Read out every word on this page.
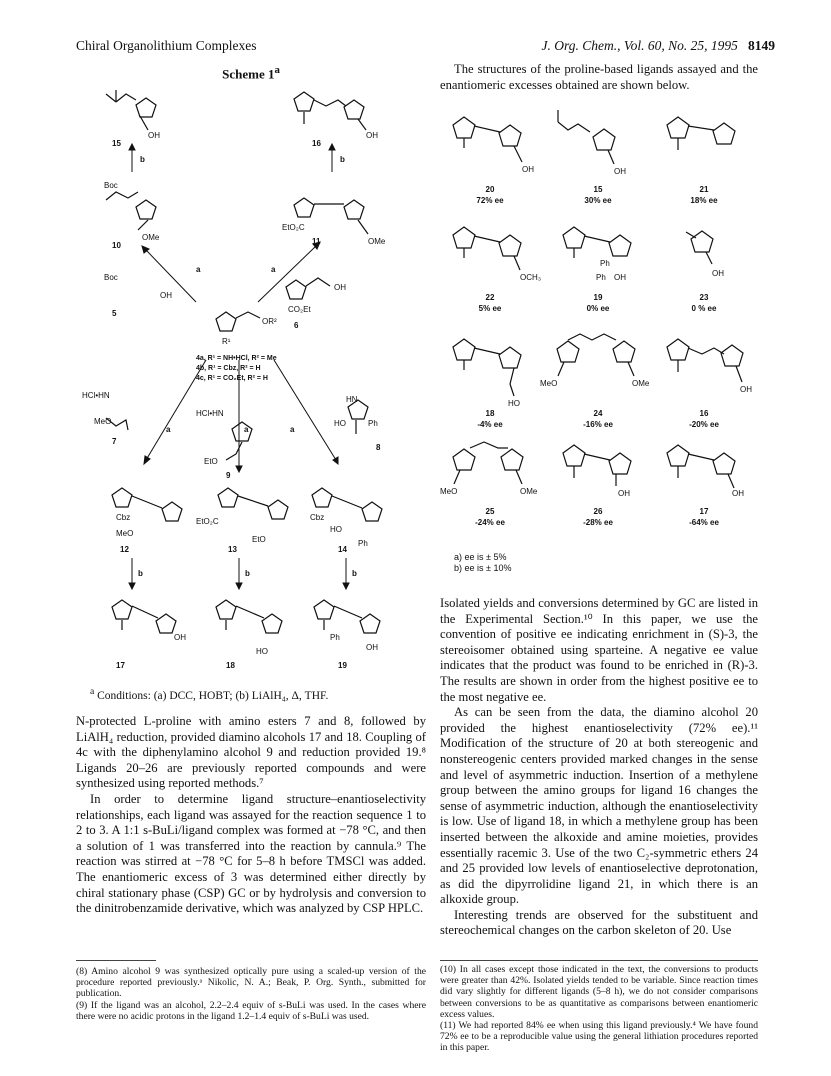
Chiral Organolithium Complexes	J. Org. Chem., Vol. 60, No. 25, 1995 8149
Scheme 1$^a$
b	b
a	a
a	a	a
b	b	b
15	16
10	11
5
6
7
8
9
12	13	14
17	18	19
OH	OH
Boc
OMe
EtO₂C
OMe
Boc
OH
CO₂Et
OH
OR²
R¹
HCl•HN
MeO
HCl•HN
EtO
HN
HO	Ph
Cbz
MeO
EtO₂C
EtO
Cbz
HO
Ph
OH
HO
Ph
OH
4a, R¹ = NH•HCl, R² = Me
4b, R¹ = Cbz, R² = H
4c, R¹ = CO₂Et, R² = H
$^a$ Conditions: (a) DCC, HOBT; (b) LiAlH₄, Δ, THF.

N-protected L-proline with amino esters 7 and 8, followed by LiAlH₄ reduction, provided diamino alcohols 17 and 18. Coupling of 4c with the diphenylamino alcohol 9 and reduction provided 19.⁸ Ligands 20–26 are previously reported compounds and were synthesized using reported methods.⁷

In order to determine ligand structure–enantioselectivity relationships, each ligand was assayed for the reaction sequence 1 to 2 to 3. A 1:1 s-BuLi/ligand complex was formed at −78 °C, and then a solution of 1 was transferred into the reaction by cannula.⁹ The reaction was stirred at −78 °C for 5–8 h before TMSCl was added. The enantiomeric excess of 3 was determined either directly by chiral stationary phase (CSP) GC or by hydrolysis and conversion to the dinitrobenzamide derivative, which was analyzed by CSP HPLC.

(8) Amino alcohol 9 was synthesized optically pure using a scaled-up version of the procedure reported previously.ᵃ Nikolic, N. A.; Beak, P. Org. Synth., submitted for publication.
(9) If the ligand was an alcohol, 2.2–2.4 equiv of s-BuLi was used. In the cases where there were no acidic protons in the ligand 1.2–1.4 equiv of s-BuLi was used.

The structures of the proline-based ligands assayed and the enantiomeric excesses obtained are shown below.

OH	OH
OCH₃
Ph
Ph OH	OH
HO
MeO	OMe
OH
MeO	OMe	OH	OH
20
72% ee
15
30% ee
21
18% ee
22
5% ee
19
0% ee
23
0 % ee
18
-4% ee
24
-16% ee
16
-20% ee
25
-24% ee
26
-28% ee
17
-64% ee
a) ee is ± 5%
b) ee is ± 10%

Isolated yields and conversions determined by GC are listed in the Experimental Section.¹⁰ In this paper, we use the convention of positive ee indicating enrichment in (S)-3, the stereoisomer obtained using sparteine. A negative ee value indicates that the product was found to be enriched in (R)-3. The results are shown in order from the highest positive ee to the most negative ee.

As can be seen from the data, the diamino alcohol 20 provided the highest enantioselectivity (72% ee).¹¹ Modification of the structure of 20 at both stereogenic and nonstereogenic centers provided marked changes in the sense and level of asymmetric induction. Insertion of a methylene group between the amino groups for ligand 16 changes the sense of asymmetric induction, although the enantioselectivity is low. Use of ligand 18, in which a methylene group has been inserted between the alkoxide and amine moieties, provides essentially racemic 3. Use of the two C₂-symmetric ethers 24 and 25 provided low levels of enantioselective deprotonation, as did the dipyrrolidine ligand 21, in which there is an alkoxide group.

Interesting trends are observed for the substituent and stereochemical changes on the carbon skeleton of 20. Use

(10) In all cases except those indicated in the text, the conversions to products were greater than 42%. Isolated yields tended to be variable. Since reaction times did vary slightly for different ligands (5–8 h), we do not consider comparisons between conversions to be as quantitative as comparisons between enantiomeric excess values.
(11) We had reported 84% ee when using this ligand previously.⁴ We have found 72% ee to be a reproducible value using the general lithiation procedures reported in this paper.
